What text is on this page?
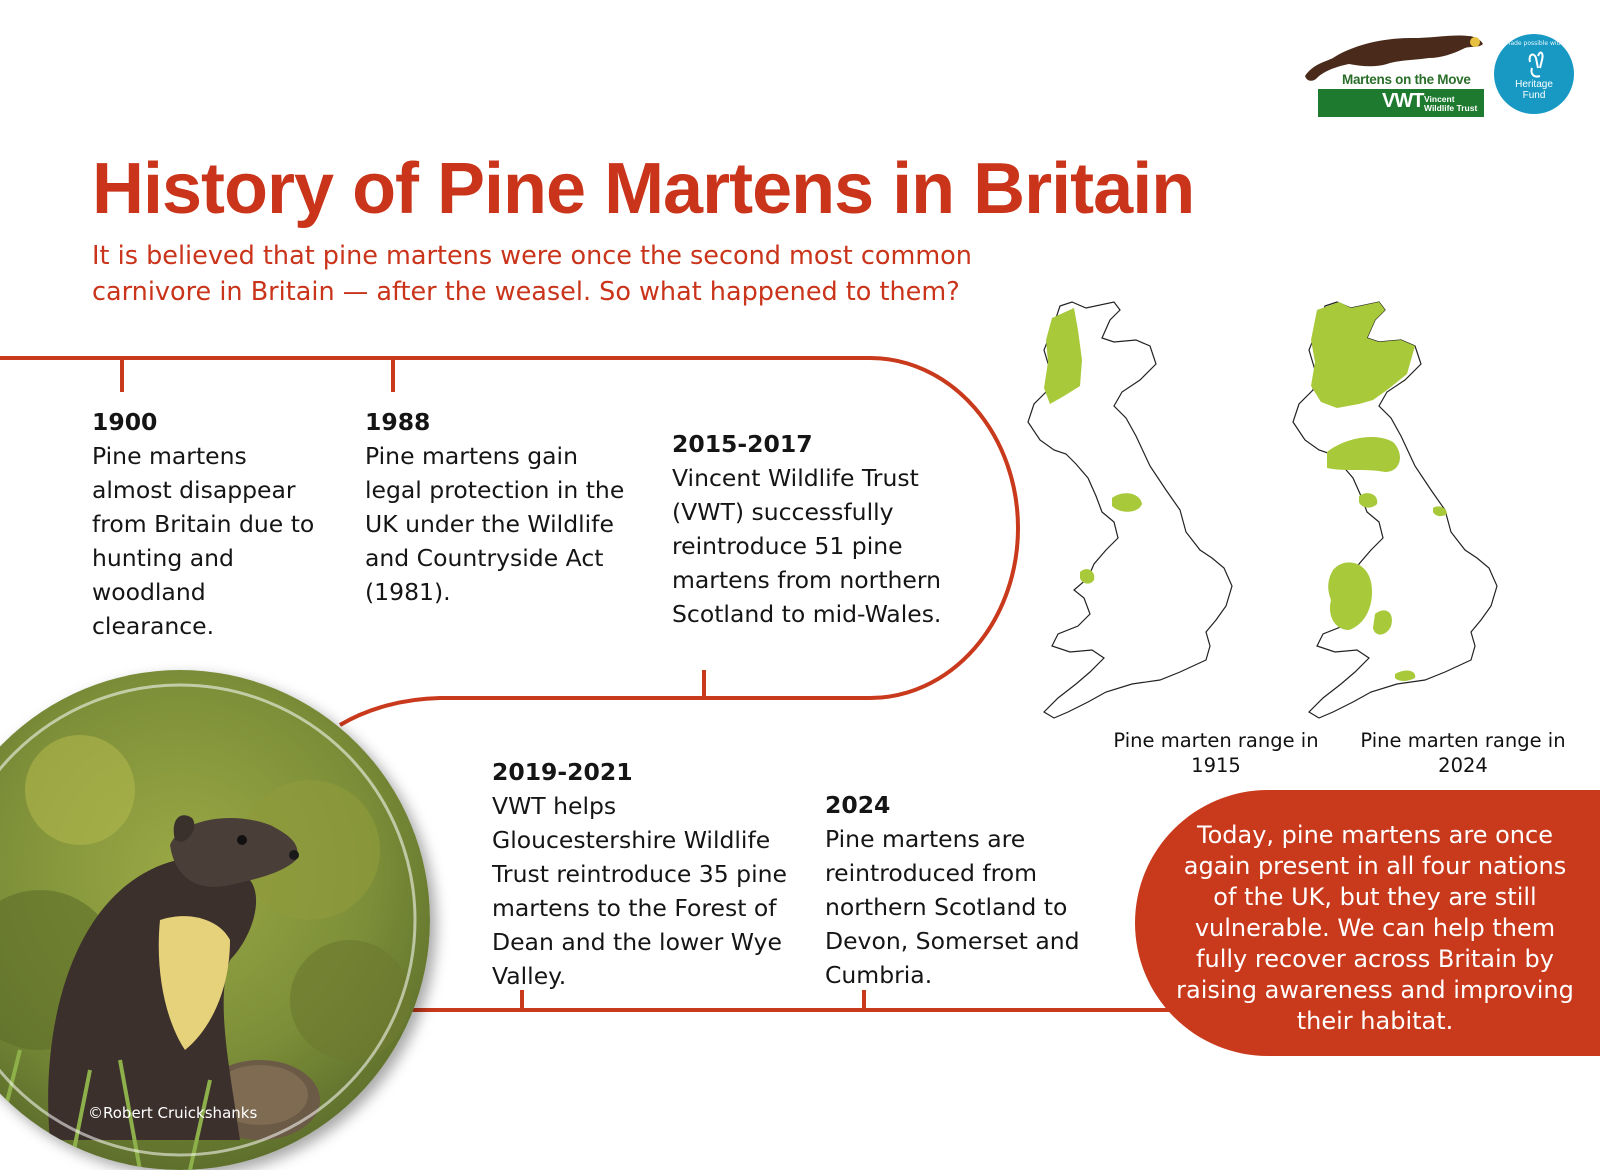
Martens on the Move
VWT Vincent
Wildlife Trust
Made possible with
Heritage
Fund
History of Pine Martens in Britain

It is believed that pine martens were once the second most common carnivore in Britain — after the weasel. So what happened to them?

1900
Pine martens almost disappear from Britain due to hunting and woodland clearance.
1988
Pine martens gain legal protection in the UK under the Wildlife and Countryside Act (1981).
2015-2017
Vincent Wildlife Trust (VWT) successfully reintroduce 51 pine martens from northern Scotland to mid-Wales.
2019-2021
VWT helps Gloucestershire Wildlife Trust reintroduce 35 pine martens to the Forest of Dean and the lower Wye Valley.
2024
Pine martens are reintroduced from northern Scotland to Devon, Somerset and Cumbria.
©Robert Cruickshanks
Pine marten range in 1915
Pine marten range in 2024
Today, pine martens are once again present in all four nations of the UK, but they are still vulnerable. We can help them fully recover across Britain by raising awareness and improving their habitat.
